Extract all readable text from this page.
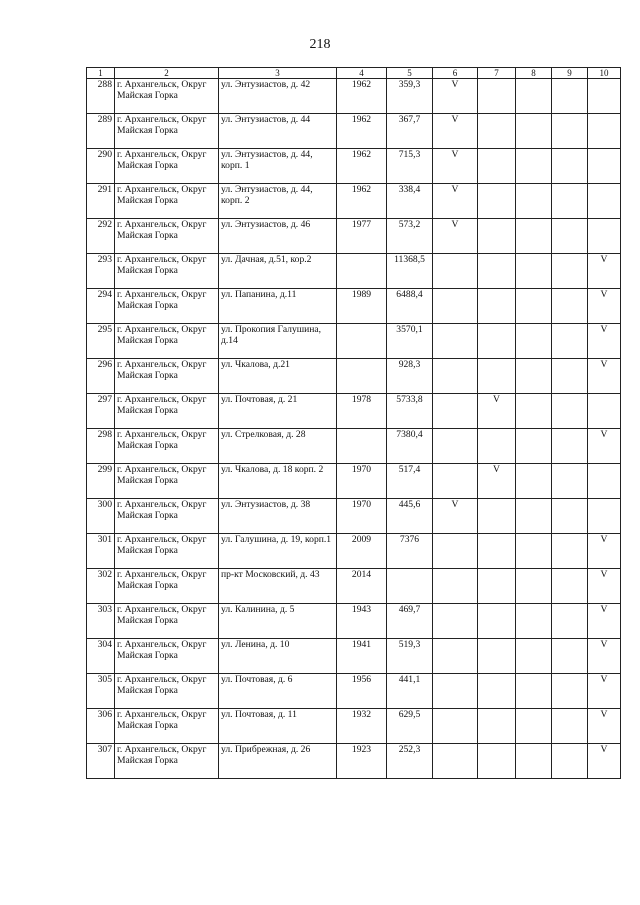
218
1	2	3	4	5	6	7	8	9	10
288	г. Архангельск, Округ Майская Горка	ул. Энтузиастов, д. 42	1962	359,3	V				
289	г. Архангельск, Округ Майская Горка	ул. Энтузиастов, д. 44	1962	367,7	V				
290	г. Архангельск, Округ Майская Горка	ул. Энтузиастов, д. 44, корп. 1	1962	715,3	V				
291	г. Архангельск, Округ Майская Горка	ул. Энтузиастов, д. 44, корп. 2	1962	338,4	V				
292	г. Архангельск, Округ Майская Горка	ул. Энтузиастов, д. 46	1977	573,2	V				
293	г. Архангельск, Округ Майская Горка	ул. Дачная, д.51, кор.2		11368,5					V
294	г. Архангельск, Округ Майская Горка	ул. Папанина, д.11	1989	6488,4					V
295	г. Архангельск, Округ Майская Горка	ул. Прокопия Галушина, д.14		3570,1					V
296	г. Архангельск, Округ Майская Горка	ул. Чкалова, д.21		928,3					V
297	г. Архангельск, Округ Майская Горка	ул. Почтовая, д. 21	1978	5733,8		V			
298	г. Архангельск, Округ Майская Горка	ул. Стрелковая, д. 28		7380,4					V
299	г. Архангельск, Округ Майская Горка	ул. Чкалова, д. 18 корп. 2	1970	517,4		V			
300	г. Архангельск, Округ Майская Горка	ул. Энтузиастов, д. 38	1970	445,6	V				
301	г. Архангельск, Округ Майская Горка	ул. Галушина, д. 19, корп.1	2009	7376					V
302	г. Архангельск, Округ Майская Горка	пр-кт Московский, д. 43	2014						V
303	г. Архангельск, Округ Майская Горка	ул. Калинина, д. 5	1943	469,7					V
304	г. Архангельск, Округ Майская Горка	ул. Ленина, д. 10	1941	519,3					V
305	г. Архангельск, Округ Майская Горка	ул. Почтовая, д. 6	1956	441,1					V
306	г. Архангельск, Округ Майская Горка	ул. Почтовая, д. 11	1932	629,5					V
307	г. Архангельск, Округ Майская Горка	ул. Прибрежная, д. 26	1923	252,3					V
